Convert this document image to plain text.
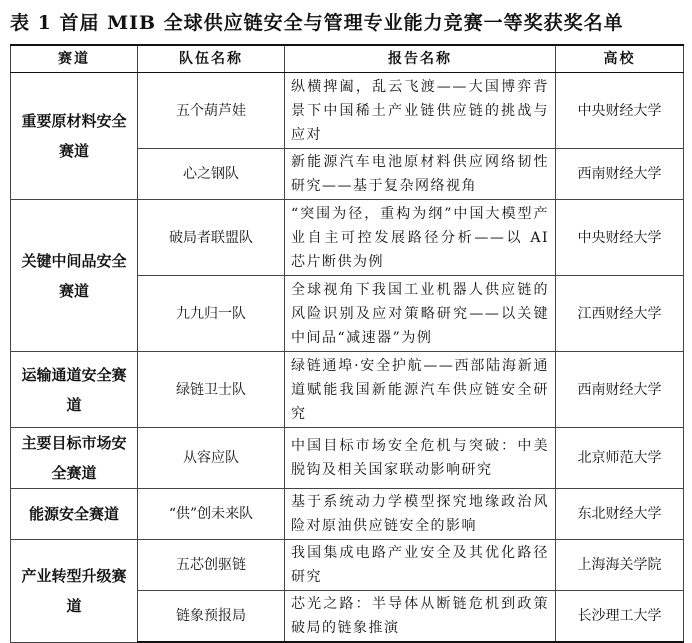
表 1 首届 MIB 全球供应链安全与管理专业能力竞赛一等奖获奖名单
赛道	队伍名称	报告名称	高校
重要原材料安全赛道	五个葫芦娃	纵横捭阖，乱云飞渡——大国博弈背景下中国稀土产业链供应链的挑战与应对	中央财经大学
	心之钢队	新能源汽车电池原材料供应网络韧性研究——基于复杂网络视角	西南财经大学
关键中间品安全赛道	破局者联盟队	“突围为径，重构为纲”中国大模型产业自主可控发展路径分析——以 AI 芯片断供为例	中央财经大学
	九九归一队	全球视角下我国工业机器人供应链的风险识别及应对策略研究——以关键中间品“减速器”为例	江西财经大学
运输通道安全赛道	绿链卫士队	绿链通埠·安全护航——西部陆海新通道赋能我国新能源汽车供应链安全研究	西南财经大学
主要目标市场安全赛道	从容应队	中国目标市场安全危机与突破：中美脱钩及相关国家联动影响研究	北京师范大学
能源安全赛道	“供”创未来队	基于系统动力学模型探究地缘政治风险对原油供应链安全的影响	东北财经大学
产业转型升级赛道	五芯创驱链	我国集成电路产业安全及其优化路径研究	上海海关学院
	链象预报局	芯光之路：半导体从断链危机到政策破局的链象推演	长沙理工大学
